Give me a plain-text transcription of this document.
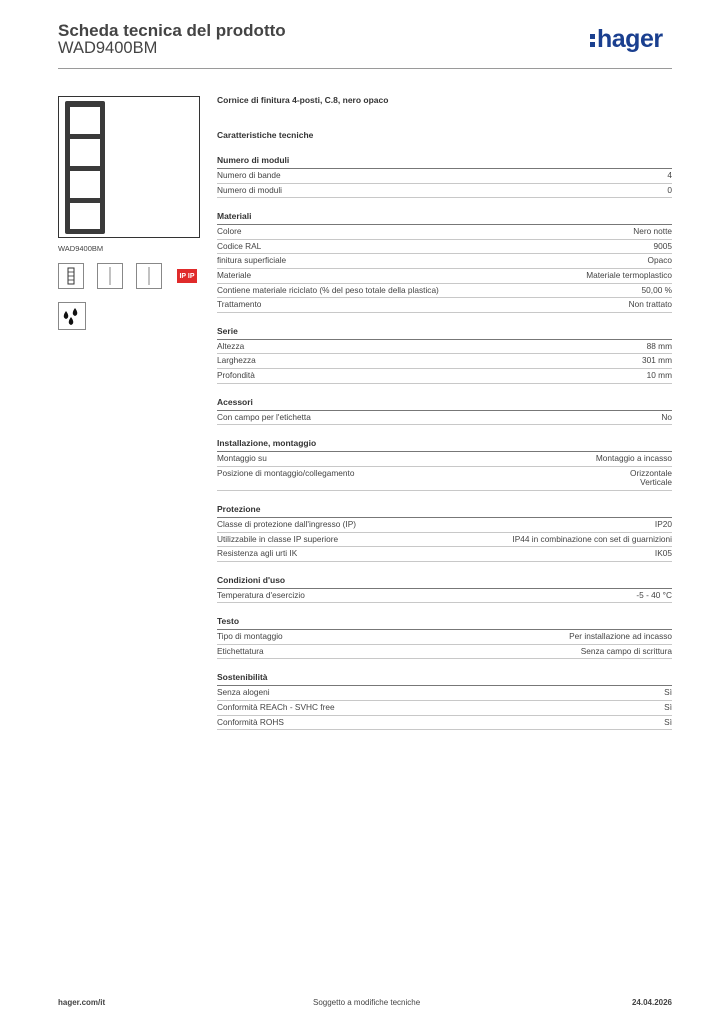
Scheda tecnica del prodotto
WAD9400BM	hager
WAD9400BM
IP IP
Cornice di finitura 4-posti, C.8, nero opaco
Caratteristiche tecniche
Numero di moduli
Numero di bande	4
Numero di moduli	0
Materiali
Colore	Nero notte
Codice RAL	9005
finitura superficiale	Opaco
Materiale	Materiale termoplastico
Contiene materiale riciclato (% del peso totale della plastica)	50,00 %
Trattamento	Non trattato
Serie
Altezza	88 mm
Larghezza	301 mm
Profondità	10 mm
Acessori
Con campo per l'etichetta	No
Installazione, montaggio
Montaggio su	Montaggio a incasso
Posizione di montaggio/collegamento	Orizzontale
Verticale
Protezione
Classe di protezione dall'ingresso (IP)	IP20
Utilizzabile in classe IP superiore	IP44 in combinazione con set di guarnizioni
Resistenza agli urti IK	IK05
Condizioni d'uso
Temperatura d'esercizio	-5 - 40 °C
Testo
Tipo di montaggio	Per installazione ad incasso
Etichettatura	Senza campo di scrittura
Sostenibilità
Senza alogeni	Sì
Conformità REACh - SVHC free	Sì
Conformità ROHS	Sì
hager.com/it	Soggetto a modifiche tecniche	24.04.2026
